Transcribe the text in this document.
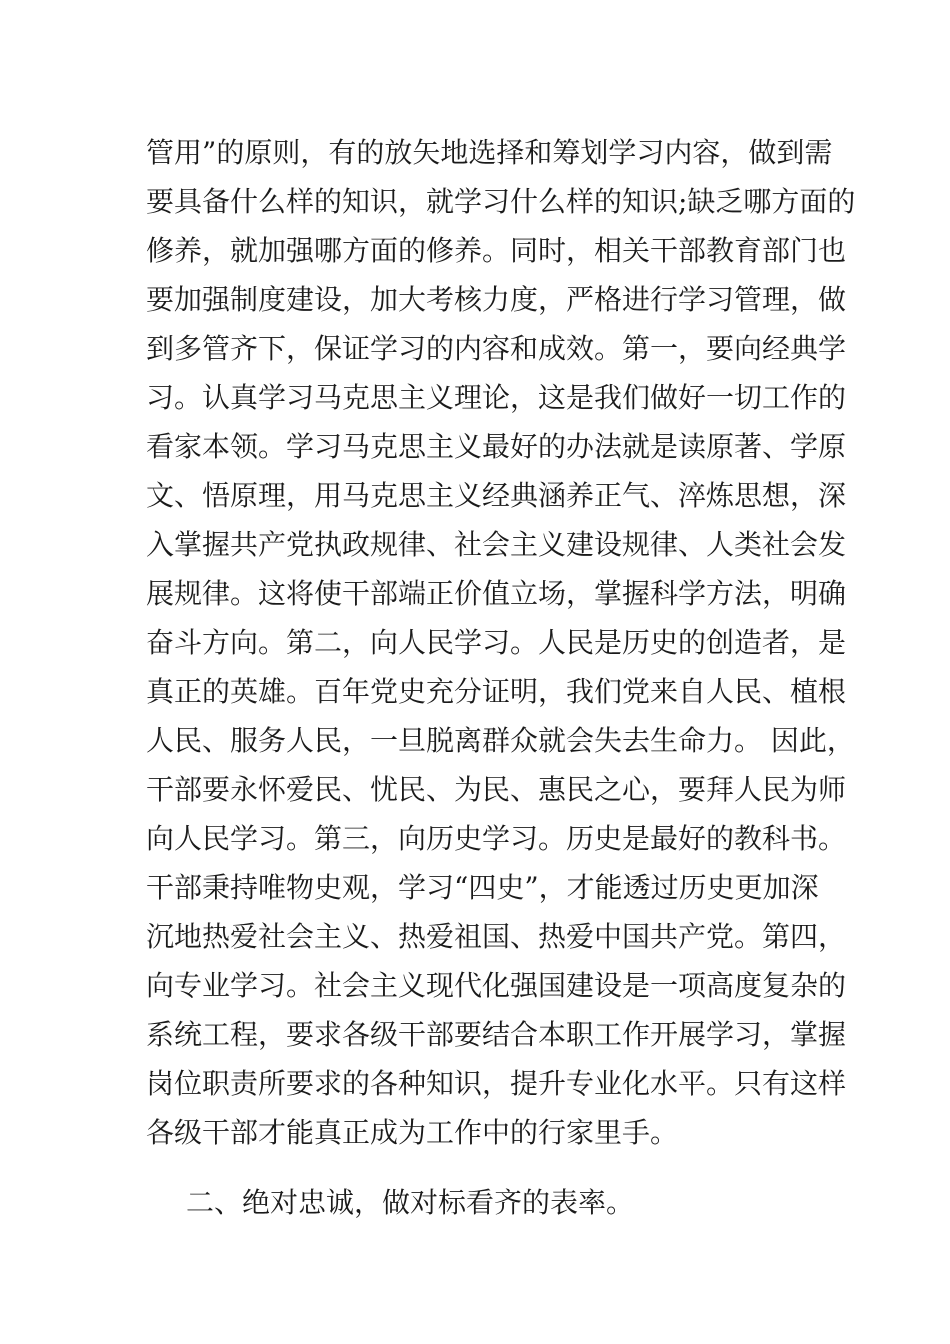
管用”的原则，有的放矢地选择和筹划学习内容，做到需
要具备什么样的知识，就学习什么样的知识;缺乏哪方面的
修养，就加强哪方面的修养。同时，相关干部教育部门也
要加强制度建设，加大考核力度，严格进行学习管理，做
到多管齐下，保证学习的内容和成效。第一，要向经典学
习。认真学习马克思主义理论，这是我们做好一切工作的
看家本领。学习马克思主义最好的办法就是读原著、学原
文、悟原理，用马克思主义经典涵养正气、淬炼思想，深
入掌握共产党执政规律、社会主义建设规律、人类社会发
展规律。这将使干部端正价值立场，掌握科学方法，明确
奋斗方向。第二，向人民学习。人民是历史的创造者，是
真正的英雄。百年党史充分证明，我们党来自人民、植根
人民、服务人民，一旦脱离群众就会失去生命力。 因此，
干部要永怀爱民、忧民、为民、惠民之心，要拜人民为师
向人民学习。第三，向历史学习。历史是最好的教科书。
干部秉持唯物史观，学习“四史”，才能透过历史更加深
沉地热爱社会主义、热爱祖国、热爱中国共产党。第四，
向专业学习。社会主义现代化强国建设是一项高度复杂的
系统工程，要求各级干部要结合本职工作开展学习，掌握
岗位职责所要求的各种知识，提升专业化水平。只有这样
各级干部才能真正成为工作中的行家里手。
二、绝对忠诚，做对标看齐的表率。
